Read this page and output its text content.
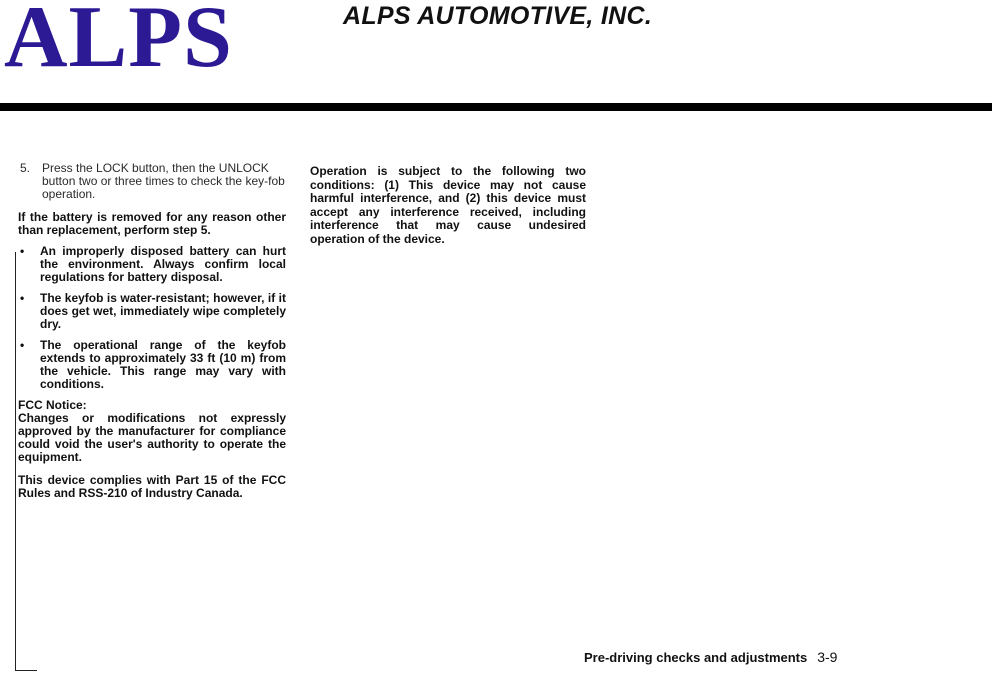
ALPS	ALPS AUTOMOTIVE, INC.
5. Press the LOCK button, then the UNLOCK button two or three times to check the key-fob operation.
If the battery is removed for any reason other than replacement, perform step 5.
•	An improperly disposed battery can hurt the environment. Always confirm local regulations for battery disposal.
•	The keyfob is water-resistant; however, if it does get wet, immediately wipe completely dry.
•	The operational range of the keyfob extends to approximately 33 ft (10 m) from the vehicle. This range may vary with conditions.
FCC Notice:
Changes or modifications not expressly approved by the manufacturer for compliance could void the user's authority to operate the equipment.
This device complies with Part 15 of the FCC Rules and RSS-210 of Industry Canada.

Operation is subject to the following two conditions: (1) This device may not cause harmful interference, and (2) this device must accept any interference received, including interference that may cause undesired operation of the device.

Pre-driving checks and adjustments 3-9
